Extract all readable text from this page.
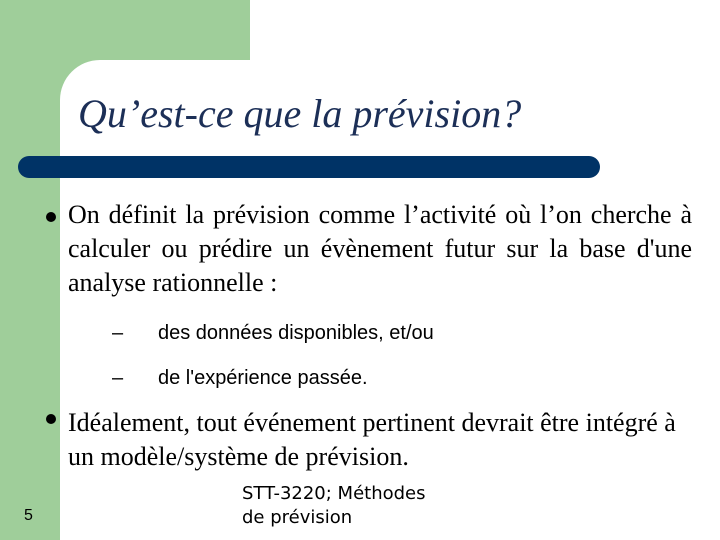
Qu’est-ce que la prévision?
On définit la prévision comme l’activité où l’on cherche à calculer ou prédire un évènement futur sur la base d'une analyse rationnelle :
– des données disponibles, et/ou
– de l'expérience passée.
Idéalement, tout événement pertinent devrait être intégré à un modèle/système de prévision.
5
STT-3220; Méthodes
de prévision
